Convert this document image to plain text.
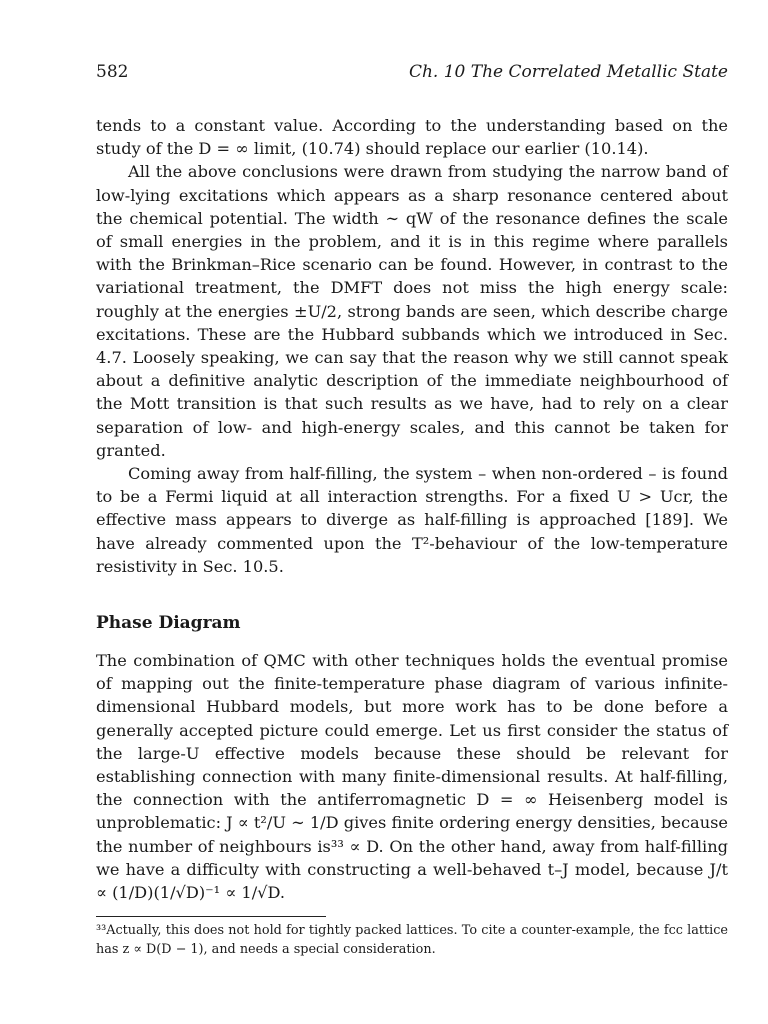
582	Ch. 10 The Correlated Metallic State

tends to a constant value. According to the understanding based on the study of the D = ∞ limit, (10.74) should replace our earlier (10.14).

All the above conclusions were drawn from studying the narrow band of low-lying excitations which appears as a sharp resonance centered about the chemical potential. The width ∼ qW of the resonance defines the scale of small energies in the problem, and it is in this regime where parallels with the Brinkman–Rice scenario can be found. However, in contrast to the variational treatment, the DMFT does not miss the high energy scale: roughly at the energies ±U/2, strong bands are seen, which describe charge excitations. These are the Hubbard subbands which we introduced in Sec. 4.7. Loosely speaking, we can say that the reason why we still cannot speak about a definitive analytic description of the immediate neighbourhood of the Mott transition is that such results as we have, had to rely on a clear separation of low- and high-energy scales, and this cannot be taken for granted.

Coming away from half-filling, the system – when non-ordered – is found to be a Fermi liquid at all interaction strengths. For a fixed U > Ucr, the effective mass appears to diverge as half-filling is approached [189]. We have already commented upon the T²-behaviour of the low-temperature resistivity in Sec. 10.5.

Phase Diagram

The combination of QMC with other techniques holds the eventual promise of mapping out the finite-temperature phase diagram of various infinite-dimensional Hubbard models, but more work has to be done before a generally accepted picture could emerge. Let us first consider the status of the large-U effective models because these should be relevant for establishing connection with many finite-dimensional results. At half-filling, the connection with the antiferromagnetic D = ∞ Heisenberg model is unproblematic: J ∝ t²/U ∼ 1/D gives finite ordering energy densities, because the number of neighbours is³³ ∝ D. On the other hand, away from half-filling we have a difficulty with constructing a well-behaved t–J model, because J/t ∝ (1/D)(1/√D)⁻¹ ∝ 1/√D.

³³Actually, this does not hold for tightly packed lattices. To cite a counter-example, the fcc lattice has z ∝ D(D − 1), and needs a special consideration.
